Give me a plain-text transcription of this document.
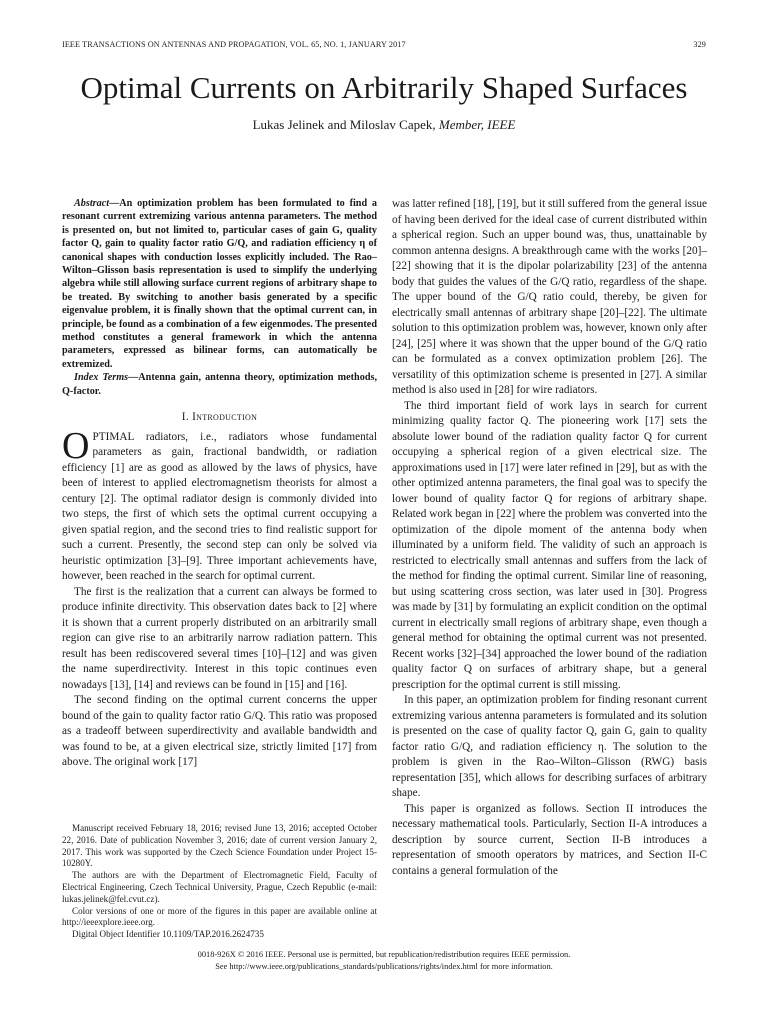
IEEE TRANSACTIONS ON ANTENNAS AND PROPAGATION, VOL. 65, NO. 1, JANUARY 2017	329
Optimal Currents on Arbitrarily Shaped Surfaces
Lukas Jelinek and Miloslav Capek, Member, IEEE

Abstract—An optimization problem has been formulated to find a resonant current extremizing various antenna parameters. The method is presented on, but not limited to, particular cases of gain G, quality factor Q, gain to quality factor ratio G/Q, and radiation efficiency η of canonical shapes with conduction losses explicitly included. The Rao–Wilton–Glisson basis representation is used to simplify the underlying algebra while still allowing surface current regions of arbitrary shape to be treated. By switching to another basis generated by a specific eigenvalue problem, it is finally shown that the optimal current can, in principle, be found as a combination of a few eigenmodes. The presented method constitutes a general framework in which the antenna parameters, expressed as bilinear forms, can automatically be extremized.

Index Terms—Antenna gain, antenna theory, optimization methods, Q-factor.

I. Introduction

OPTIMAL radiators, i.e., radiators whose fundamental parameters as gain, fractional bandwidth, or radiation efficiency [1] are as good as allowed by the laws of physics, have been of interest to applied electromagnetism theorists for almost a century [2]. The optimal radiator design is commonly divided into two steps, the first of which sets the optimal current occupying a given spatial region, and the second tries to find realistic support for such a current. Presently, the second step can only be solved via heuristic optimization [3]–[9]. Three important achievements have, however, been reached in the search for optimal current.

The first is the realization that a current can always be formed to produce infinite directivity. This observation dates back to [2] where it is shown that a current properly distributed on an arbitrarily small region can give rise to an arbitrarily narrow radiation pattern. This result has been rediscovered several times [10]–[12] and was given the name superdirectivity. Interest in this topic continues even nowadays [13], [14] and reviews can be found in [15] and [16].

The second finding on the optimal current concerns the upper bound of the gain to quality factor ratio G/Q. This ratio was proposed as a tradeoff between superdirectivity and available bandwidth and was found to be, at a given electrical size, strictly limited [17] from above. The original work [17]

Manuscript received February 18, 2016; revised June 13, 2016; accepted October 22, 2016. Date of publication November 3, 2016; date of current version January 2, 2017. This work was supported by the Czech Science Foundation under Project 15-10280Y.

The authors are with the Department of Electromagnetic Field, Faculty of Electrical Engineering, Czech Technical University, Prague, Czech Republic (e-mail: lukas.jelinek@fel.cvut.cz).

Color versions of one or more of the figures in this paper are available online at http://ieeexplore.ieee.org.

Digital Object Identifier 10.1109/TAP.2016.2624735

was latter refined [18], [19], but it still suffered from the general issue of having been derived for the ideal case of current distributed within a spherical region. Such an upper bound was, thus, unattainable by common antenna designs. A breakthrough came with the works [20]–[22] showing that it is the dipolar polarizability [23] of the antenna body that guides the values of the G/Q ratio, regardless of the shape. The upper bound of the G/Q ratio could, thereby, be given for electrically small antennas of arbitrary shape [20]–[22]. The ultimate solution to this optimization problem was, however, known only after [24], [25] where it was shown that the upper bound of the G/Q ratio can be formulated as a convex optimization problem [26]. The versatility of this optimization scheme is presented in [27]. A similar method is also used in [28] for wire radiators.

The third important field of work lays in search for current minimizing quality factor Q. The pioneering work [17] sets the absolute lower bound of the radiation quality factor Q for current occupying a spherical region of a given electrical size. The approximations used in [17] were later refined in [29], but as with the other optimized antenna parameters, the final goal was to specify the lower bound of quality factor Q for regions of arbitrary shape. Related work began in [22] where the problem was converted into the optimization of the dipole moment of the antenna body when illuminated by a uniform field. The validity of such an approach is restricted to electrically small antennas and suffers from the lack of the method for finding the optimal current. Similar line of reasoning, but using scattering cross section, was later used in [30]. Progress was made by [31] by formulating an explicit condition on the optimal current in electrically small regions of arbitrary shape, even though a general method for obtaining the optimal current was not presented. Recent works [32]–[34] approached the lower bound of the radiation quality factor Q on surfaces of arbitrary shape, but a general prescription for the optimal current is still missing.

In this paper, an optimization problem for finding resonant current extremizing various antenna parameters is formulated and its solution is presented on the case of quality factor Q, gain G, gain to quality factor ratio G/Q, and radiation efficiency η. The solution to the problem is given in the Rao–Wilton–Glisson (RWG) basis representation [35], which allows for describing surfaces of arbitrary shape.

This paper is organized as follows. Section II introduces the necessary mathematical tools. Particularly, Section II-A introduces a description by source current, Section II-B introduces a representation of smooth operators by matrices, and Section II-C contains a general formulation of the

0018-926X © 2016 IEEE. Personal use is permitted, but republication/redistribution requires IEEE permission.
See http://www.ieee.org/publications_standards/publications/rights/index.html for more information.
